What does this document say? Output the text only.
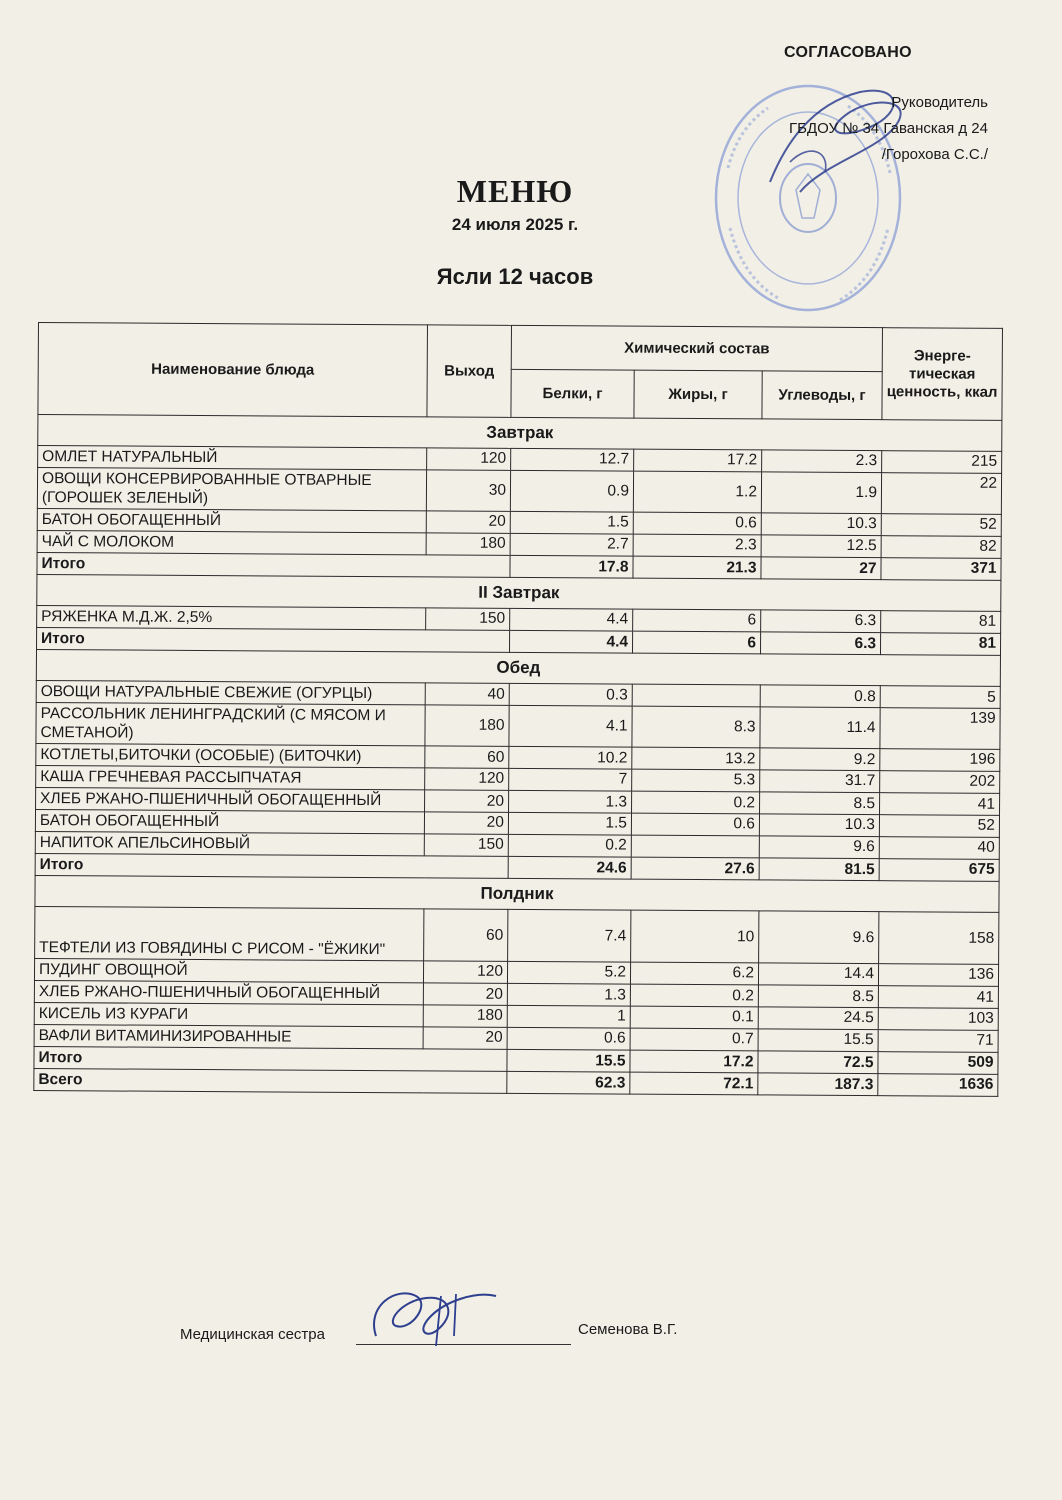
СОГЛАСОВАНО
Руководитель
ГБДОУ № 34 Гаванская д 24
/Горохова С.С./
МЕНЮ
24 июля 2025 г.
Ясли 12 часов
Наименование блюда	Выход	Химический состав			Энерге-тическая ценность, ккал
		Белки, г	Жиры, г	Углеводы, г	
Завтрак					
ОМЛЕТ НАТУРАЛЬНЫЙ	120	12.7	17.2	2.3	215
ОВОЩИ КОНСЕРВИРОВАННЫЕ ОТВАРНЫЕ (ГОРОШЕК ЗЕЛЕНЫЙ)	30	0.9	1.2	1.9	22
БАТОН ОБОГАЩЕННЫЙ	20	1.5	0.6	10.3	52
ЧАЙ С МОЛОКОМ	180	2.7	2.3	12.5	82
Итого		17.8	21.3	27	371
II Завтрак					
РЯЖЕНКА М.Д.Ж. 2,5%	150	4.4	6	6.3	81
Итого		4.4	6	6.3	81
Обед					
ОВОЩИ НАТУРАЛЬНЫЕ СВЕЖИЕ (ОГУРЦЫ)	40	0.3		0.8	5
РАССОЛЬНИК ЛЕНИНГРАДСКИЙ (С МЯСОМ И СМЕТАНОЙ)	180	4.1	8.3	11.4	139
КОТЛЕТЫ,БИТОЧКИ (ОСОБЫЕ) (БИТОЧКИ)	60	10.2	13.2	9.2	196
КАША ГРЕЧНЕВАЯ РАССЫПЧАТАЯ	120	7	5.3	31.7	202
ХЛЕБ РЖАНО-ПШЕНИЧНЫЙ ОБОГАЩЕННЫЙ	20	1.3	0.2	8.5	41
БАТОН ОБОГАЩЕННЫЙ	20	1.5	0.6	10.3	52
НАПИТОК АПЕЛЬСИНОВЫЙ	150	0.2		9.6	40
Итого		24.6	27.6	81.5	675
Полдник					
ТЕФТЕЛИ ИЗ ГОВЯДИНЫ С РИСОМ - "ЁЖИКИ"	60	7.4	10	9.6	158
ПУДИНГ ОВОЩНОЙ	120	5.2	6.2	14.4	136
ХЛЕБ РЖАНО-ПШЕНИЧНЫЙ ОБОГАЩЕННЫЙ	20	1.3	0.2	8.5	41
КИСЕЛЬ ИЗ КУРАГИ	180	1	0.1	24.5	103
ВАФЛИ ВИТАМИНИЗИРОВАННЫЕ	20	0.6	0.7	15.5	71
Итого		15.5	17.2	72.5	509
Всего		62.3	72.1	187.3	1636
Медицинская сестра	Семенова В.Г.
